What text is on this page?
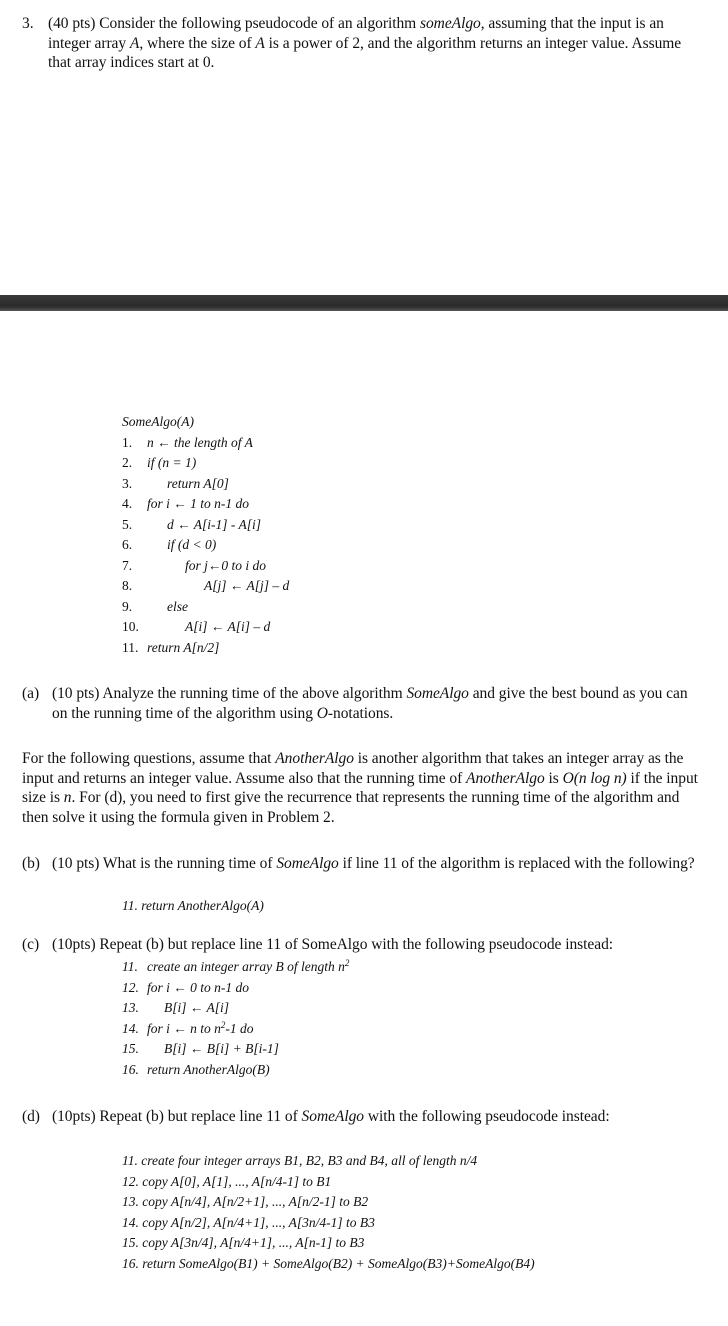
3. (40 pts) Consider the following pseudocode of an algorithm someAlgo, assuming that the input is an integer array A, where the size of A is a power of 2, and the algorithm returns an integer value. Assume that array indices start at 0.
SomeAlgo(A)
1. n ← the length of A
2. if (n = 1)
3.	return A[0]
4. for i ← 1 to n-1 do
5.	d ← A[i-1] - A[i]
6.	if (d < 0)
7.	for j←0 to i do
8.	A[j] ← A[j] – d
9.	else
10.	A[i] ← A[i] – d
11. return A[n/2]
(a) (10 pts) Analyze the running time of the above algorithm SomeAlgo and give the best bound as you can on the running time of the algorithm using O-notations.
For the following questions, assume that AnotherAlgo is another algorithm that takes an integer array as the input and returns an integer value. Assume also that the running time of AnotherAlgo is O(n log n) if the input size is n. For (d), you need to first give the recurrence that represents the running time of the algorithm and then solve it using the formula given in Problem 2.
(b) (10 pts) What is the running time of SomeAlgo if line 11 of the algorithm is replaced with the following?
11. return AnotherAlgo(A)
(c) (10pts) Repeat (b) but replace line 11 of SomeAlgo with the following pseudocode instead:
11. create an integer array B of length $n^2$
12. for i ← 0 to n-1 do
13. B[i] ← A[i]
14. for i ← n to $n^2-1$ do
15. B[i] ← B[i] + B[i-1]
16. return AnotherAlgo(B)
(d) (10pts) Repeat (b) but replace line 11 of SomeAlgo with the following pseudocode instead:
11. create four integer arrays B1, B2, B3 and B4, all of length n/4
12. copy A[0], A[1], ..., A[n/4-1] to B1
13. copy A[n/4], A[n/2+1], ..., A[n/2-1] to B2
14. copy A[n/2], A[n/4+1], ..., A[3n/4-1] to B3
15. copy A[3n/4], A[n/4+1], ..., A[n-1] to B3
16. return SomeAlgo(B1) + SomeAlgo(B2) + SomeAlgo(B3)+SomeAlgo(B4)
